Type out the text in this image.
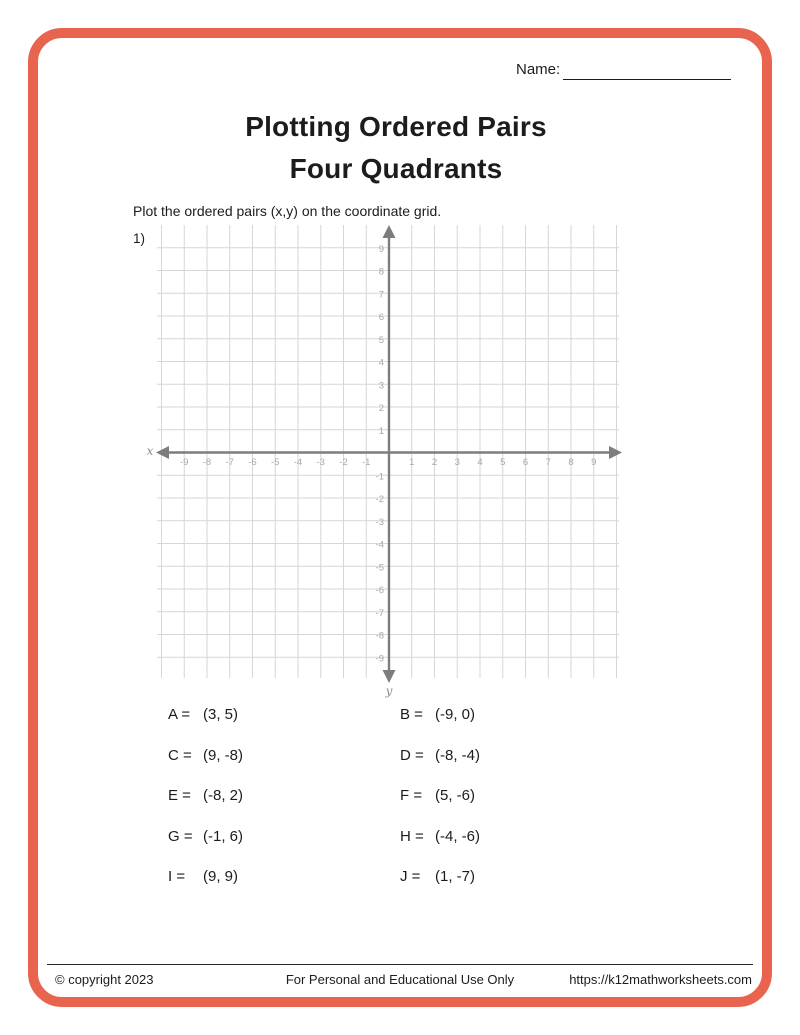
Name:
Plotting Ordered Pairs
Four Quadrants
Plot the ordered pairs (x,y) on the coordinate grid.
1)
-9 -8 -7 -6 -5 -4 -3 -2 -1	1 2 3 4 5 6 7 8 9
-9
-8
-7
-6
-5
-4
-3
-2
-1
1
2
3
4
5
6
7
8
9
x
y
A = (3, 5)	B = (-9, 0)
C = (9, -8)	D = (-8, -4)
E = (-8, 2)	F = (5, -6)
G = (-1, 6)	H = (-4, -6)
I =	(9, 9)	J = (1, -7)
© copyright 2023	For Personal and Educational Use Only	https://k12mathworksheets.com
